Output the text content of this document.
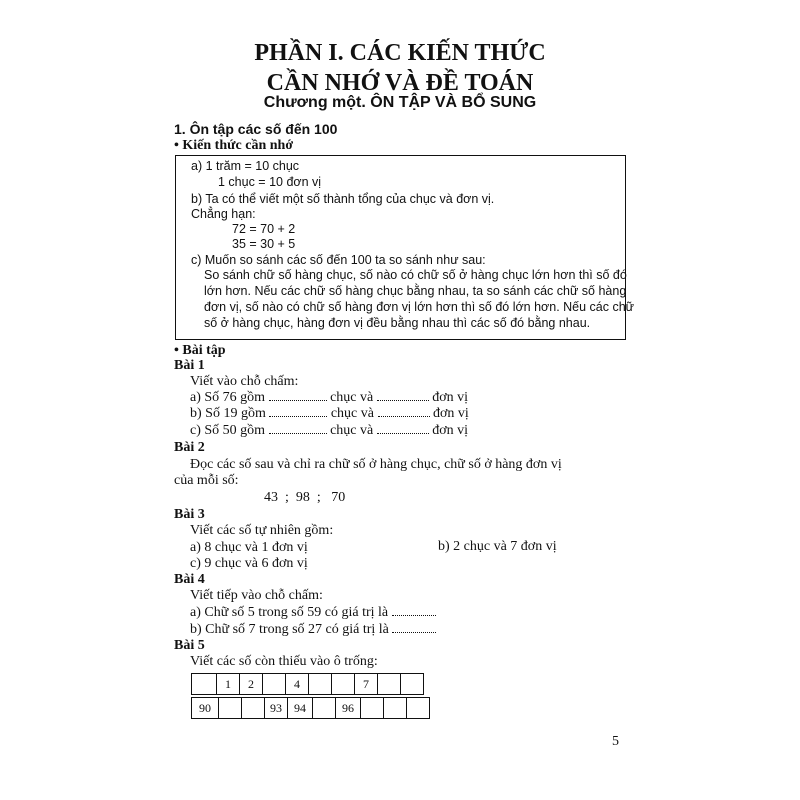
PHẦN I. CÁC KIẾN THỨC
CẦN NHỚ VÀ ĐỀ TOÁN
Chương một. ÔN TẬP VÀ BỔ SUNG
1. Ôn tập các số đến 100
• Kiến thức cần nhớ
a) 1 trăm = 10 chục
1 chục = 10 đơn vị
b) Ta có thể viết một số thành tổng của chục và đơn vị.
Chẳng hạn:
72 = 70 + 2
35 = 30 + 5
c) Muốn so sánh các số đến 100 ta so sánh như sau:
So sánh chữ số hàng chục, số nào có chữ số ở hàng chục lớn hơn thì số đó
lớn hơn. Nếu các chữ số hàng chục bằng nhau, ta so sánh các chữ số hàng
đơn vị, số nào có chữ số hàng đơn vị lớn hơn thì số đó lớn hơn. Nếu các chữ
số ở hàng chục, hàng đơn vị đều bằng nhau thì các số đó bằng nhau.
• Bài tập
Bài 1
Viết vào chỗ chấm:
a) Số 76 gồm	chục và	đơn vị
b) Số 19 gồm	chục và	đơn vị
c) Số 50 gồm	chục và	đơn vị
Bài 2
Đọc các số sau và chỉ ra chữ số ở hàng chục, chữ số ở hàng đơn vị
của mỗi số:
43  ;  98  ;   70
Bài 3
Viết các số tự nhiên gồm:
a) 8 chục và 1 đơn vị	b) 2 chục và 7 đơn vị
c) 9 chục và 6 đơn vị
Bài 4
Viết tiếp vào chỗ chấm:
a) Chữ số 5 trong số 59 có giá trị là
b) Chữ số 7 trong số 27 có giá trị là
Bài 5
Viết các số còn thiếu vào ô trống:
	1	2		4			7		
90			93	94		96			
5
